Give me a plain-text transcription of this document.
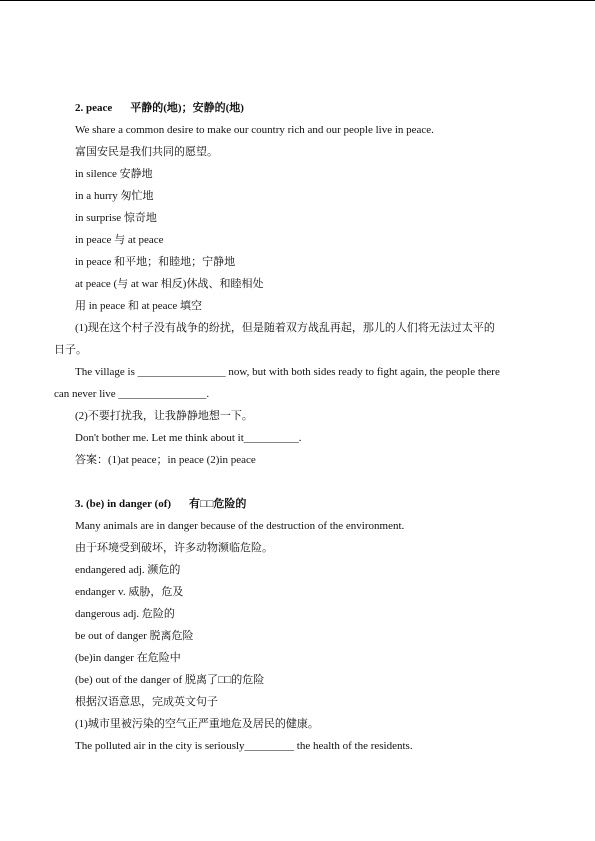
2. peace 平静的(地)；安静的(地)
We share a common desire to make our country rich and our people live in peace.
富国安民是我们共同的愿望。
in silence 安静地
in a hurry 匆忙地
in surprise 惊奇地
in peace 与 at peace
in peace 和平地；和睦地；宁静地
at peace (与 at war 相反)休战、和睦相处
用 in peace 和 at peace 填空
(1)现在这个村子没有战争的纷扰，但是随着双方战乱再起，那儿的人们将无法过太平的
日子。
The village is ________________ now, but with both sides ready to fight again, the people there
can never live ________________.
(2)不要打扰我，让我静静地想一下。
Don't bother me. Let me think about it__________.
答案：(1)at peace；in peace (2)in peace
3. (be) in danger (of) 有□□危险的
Many animals are in danger because of the destruction of the environment.
由于环境受到破坏，许多动物濒临危险。
endangered adj. 濒危的
endanger v. 威胁，危及
dangerous adj. 危险的
be out of danger 脱离危险
(be)in danger 在危险中
(be) out of the danger of 脱离了□□的危险
根据汉语意思，完成英文句子
(1)城市里被污染的空气正严重地危及居民的健康。
The polluted air in the city is seriously_________ the health of the residents.
